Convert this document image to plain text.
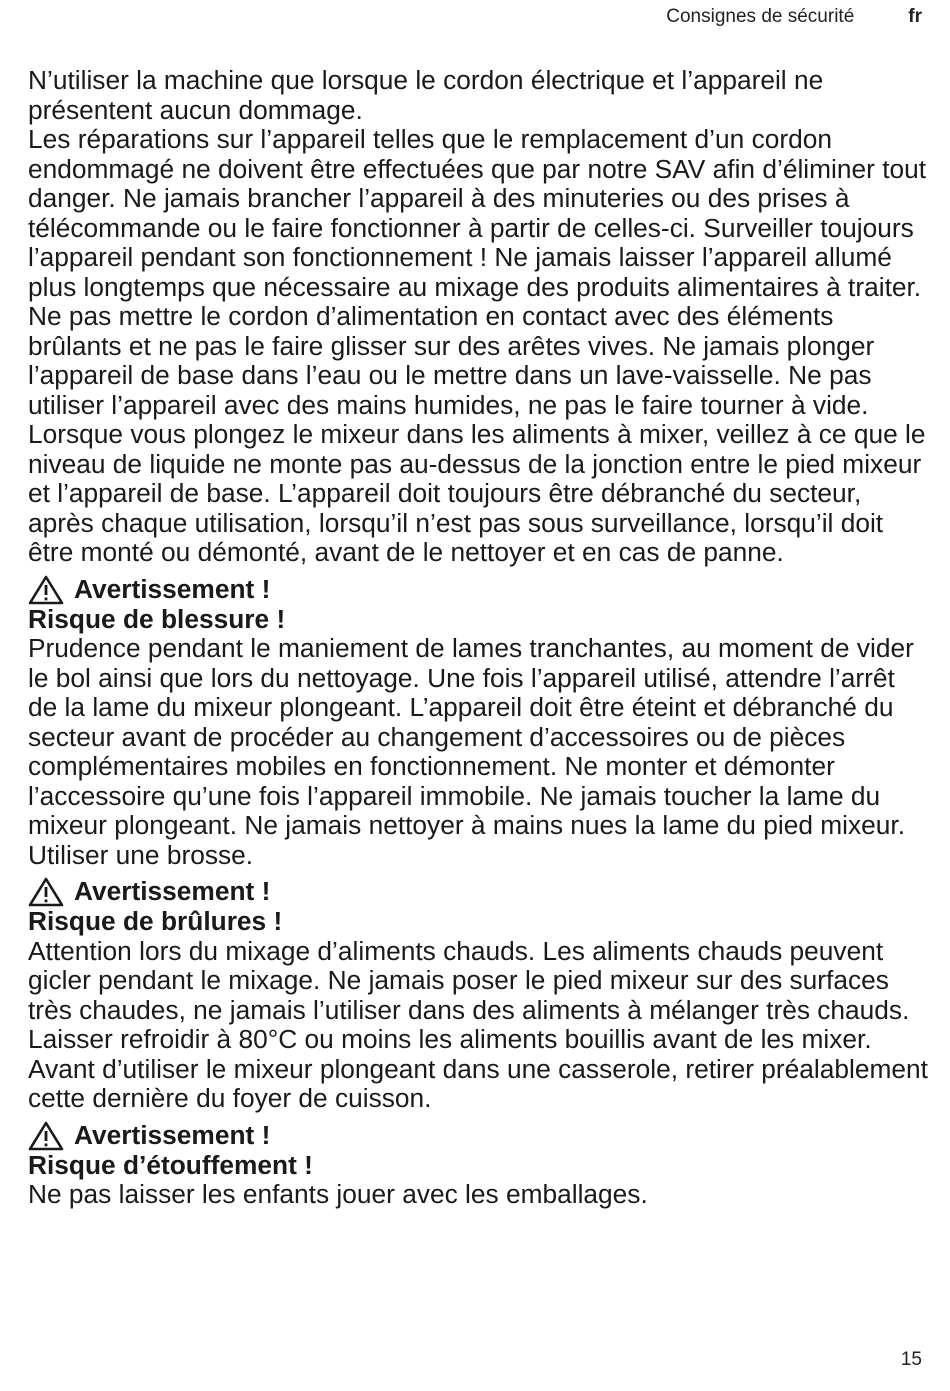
Consignes de sécurité	fr

N’utiliser la machine que lorsque le cordon électrique et l’appareil ne présentent aucun dommage.

Les réparations sur l’appareil telles que le remplacement d’un cordon endommagé ne doivent être effectuées que par notre SAV afin d’éliminer tout danger. Ne jamais brancher l’appareil à des minuteries ou des prises à télécommande ou le faire fonctionner à partir de celles-ci. Surveiller toujours l’appareil pendant son fonctionnement ! Ne jamais laisser l’appareil allumé plus longtemps que nécessaire au mixage des produits alimentaires à traiter.

Ne pas mettre le cordon d’alimentation en contact avec des éléments brûlants et ne pas le faire glisser sur des arêtes vives. Ne jamais plonger l’appareil de base dans l’eau ou le mettre dans un lave-vaisselle. Ne pas utiliser l’appareil avec des mains humides, ne pas le faire tourner à vide. Lorsque vous plongez le mixeur dans les aliments à mixer, veillez à ce que le niveau de liquide ne monte pas au-dessus de la jonction entre le pied mixeur et l’appareil de base. L’appareil doit toujours être débranché du secteur, après chaque utilisation, lorsqu’il n’est pas sous surveillance, lorsqu’il doit être monté ou démonté, avant de le nettoyer et en cas de panne.

Avertissement !
Risque de blessure !

Prudence pendant le maniement de lames tranchantes, au moment de vider le bol ainsi que lors du nettoyage. Une fois l’appareil utilisé, attendre l’arrêt de la lame du mixeur plongeant. L’appareil doit être éteint et débranché du secteur avant de procéder au changement d’accessoires ou de pièces complémentaires mobiles en fonctionnement. Ne monter et démonter l’accessoire qu’une fois l’appareil immobile. Ne jamais toucher la lame du mixeur plongeant. Ne jamais nettoyer à mains nues la lame du pied mixeur.

Utiliser une brosse.

Avertissement !
Risque de brûlures !

Attention lors du mixage d’aliments chauds. Les aliments chauds peuvent gicler pendant le mixage. Ne jamais poser le pied mixeur sur des surfaces très chaudes, ne jamais l’utiliser dans des aliments à mélanger très chauds. Laisser refroidir à 80°C ou moins les aliments bouillis avant de les mixer. Avant d’utiliser le mixeur plongeant dans une casserole, retirer préalablement cette dernière du foyer de cuisson.

Avertissement !
Risque d’étouffement !

Ne pas laisser les enfants jouer avec les emballages.

15
